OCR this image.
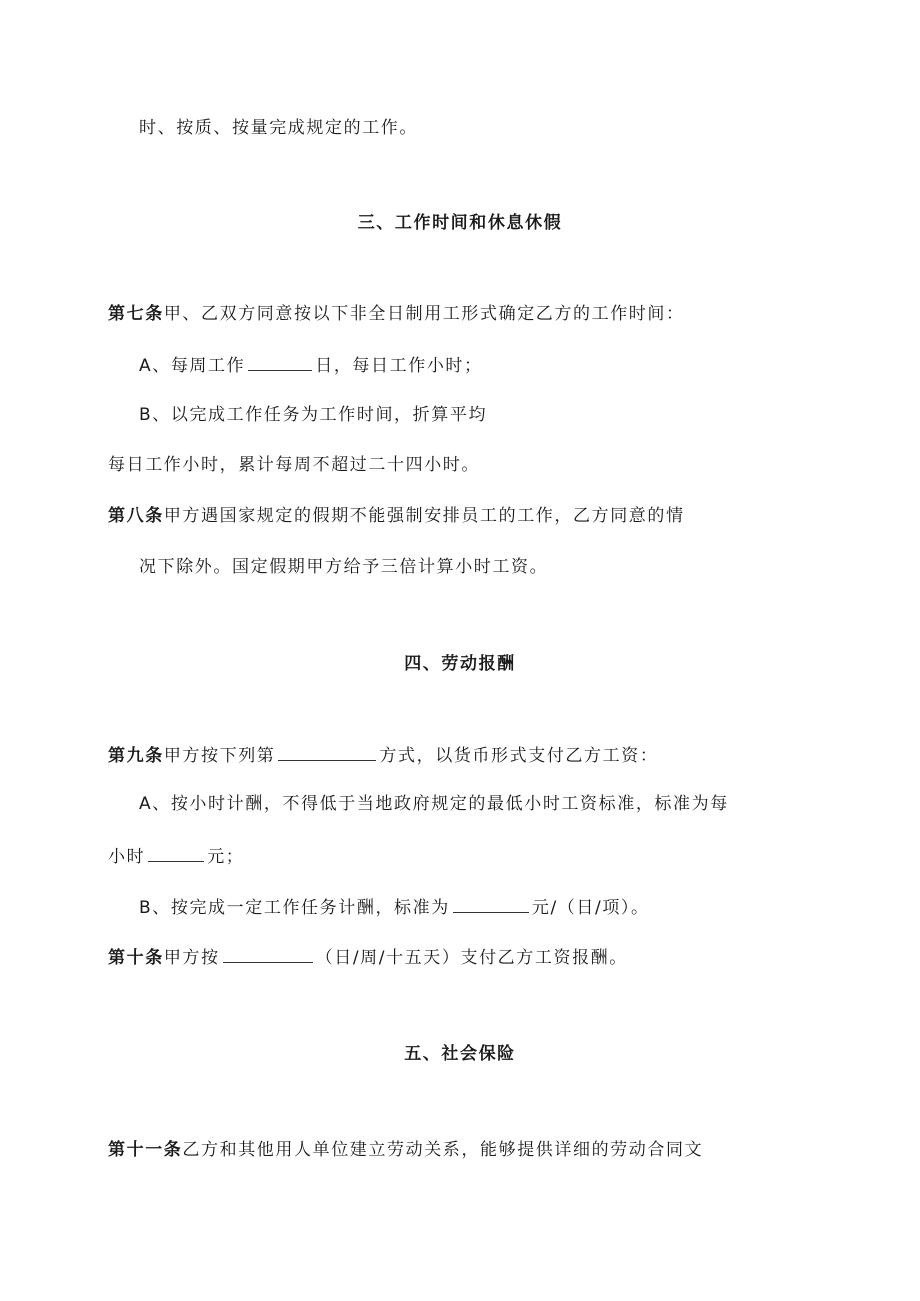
时、按质、按量完成规定的工作。
三、工作时间和休息休假
第七条甲、乙双方同意按以下非全日制用工形式确定乙方的工作时间：
A、每周工作	日，每日工作小时；
B、以完成工作任务为工作时间，折算平均
每日工作小时，累计每周不超过二十四小时。
第八条甲方遇国家规定的假期不能强制安排员工的工作，乙方同意的情
况下除外。国定假期甲方给予三倍计算小时工资。
四、劳动报酬
第九条甲方按下列第	方式，以货币形式支付乙方工资：
A、按小时计酬，不得低于当地政府规定的最低小时工资标准，标准为每
小时	元；
B、按完成一定工作任务计酬，标准为	元/（日/项）。
第十条甲方按	（日/周/十五天）支付乙方工资报酬。
五、社会保险
第十一条乙方和其他用人单位建立劳动关系，能够提供详细的劳动合同文
